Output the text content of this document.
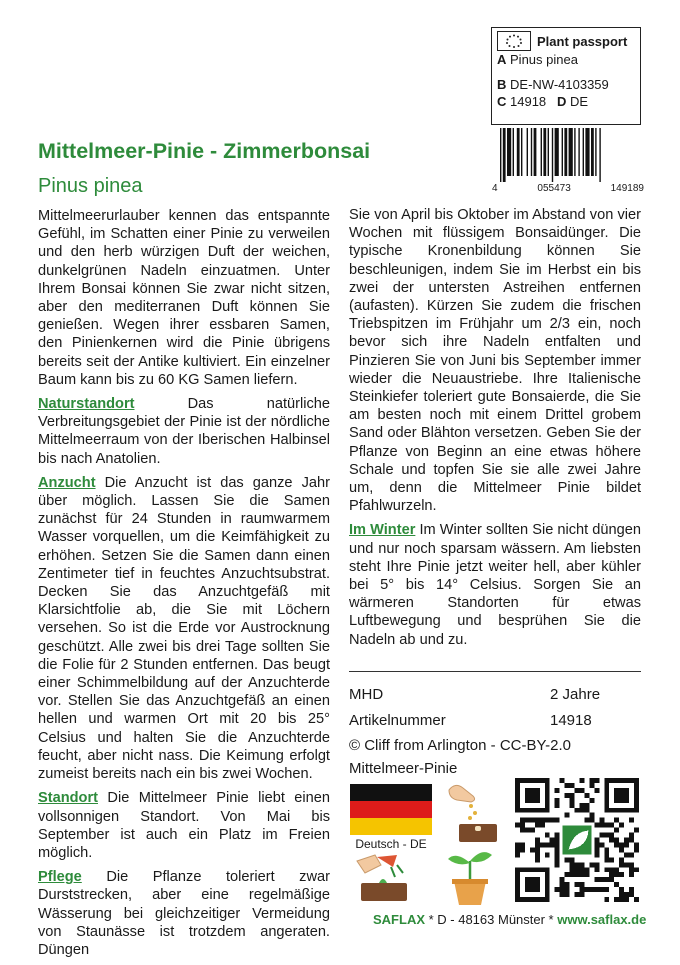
Plant passport
A Pinus pinea
B DE-NW-4103359
C 14918 D DE
4	055473	149189
Mittelmeer-Pinie - Zimmerbonsai
Pinus pinea

Mittelmeerurlauber kennen das entspannte Gefühl, im Schatten einer Pinie zu verweilen und den herb würzigen Duft der weichen, dunkelgrünen Nadeln einzuatmen. Unter Ihrem Bonsai können Sie zwar nicht sitzen, aber den mediterranen Duft können Sie genießen. Wegen ihrer essbaren Samen, den Pinienkernen wird die Pinie übrigens bereits seit der Antike kultiviert. Ein einzelner Baum kann bis zu 60 KG Samen liefern.

Naturstandort Das natürliche Verbreitungsgebiet der Pinie ist der nördliche Mittelmeerraum von der Iberischen Halbinsel bis nach Anatolien.

Anzucht Die Anzucht ist das ganze Jahr über möglich. Lassen Sie die Samen zunächst für 24 Stunden in raumwarmem Wasser vorquellen, um die Keimfähigkeit zu erhöhen. Setzen Sie die Samen dann einen Zentimeter tief in feuchtes Anzuchtsubstrat. Decken Sie das Anzuchtgefäß mit Klarsichtfolie ab, die Sie mit Löchern versehen. So ist die Erde vor Austrocknung geschützt. Alle zwei bis drei Tage sollten Sie die Folie für 2 Stunden entfernen. Das beugt einer Schimmelbildung auf der Anzuchterde vor. Stellen Sie das Anzuchtgefäß an einen hellen und warmen Ort mit 20 bis 25° Celsius und halten Sie die Anzuchterde feucht, aber nicht nass. Die Keimung erfolgt zumeist bereits nach ein bis zwei Wochen.

Standort Die Mittelmeer Pinie liebt einen vollsonnigen Standort. Von Mai bis September ist auch ein Platz im Freien möglich.

Pflege Die Pflanze toleriert zwar Durststrecken, aber eine regelmäßige Wässerung bei gleichzeitiger Vermeidung von Staunässe ist trotzdem angeraten. Düngen

Sie von April bis Oktober im Abstand von vier Wochen mit flüssigem Bonsaidünger. Die typische Kronenbildung können Sie beschleunigen, indem Sie im Herbst ein bis zwei der untersten Astreihen entfernen (aufasten). Kürzen Sie zudem die frischen Triebspitzen im Frühjahr um 2/3 ein, noch bevor sich ihre Nadeln entfalten und Pinzieren Sie von Juni bis September immer wieder die Neuaustriebe. Ihre Italienische Steinkiefer toleriert gute Bonsaierde, die Sie am besten noch mit einem Drittel grobem Sand oder Blähton versetzen. Geben Sie der Pflanze von Beginn an eine etwas höhere Schale und topfen Sie sie alle zwei Jahre um, denn die Mittelmeer Pinie bildet Pfahlwurzeln.

Im Winter Im Winter sollten Sie nicht düngen und nur noch sparsam wässern. Am liebsten steht Ihre Pinie jetzt weiter hell, aber kühler bei 5° bis 14° Celsius. Sorgen Sie an wärmeren Standorten für etwas Luftbewegung und besprühen Sie die Nadeln ab und zu.

MHD	2 Jahre
Artikelnummer	14918
© Cliff from Arlington - CC-BY-2.0
Mittelmeer-Pinie
Deutsch - DE
SAFLAX * D - 48163 Münster * www.saflax.de
